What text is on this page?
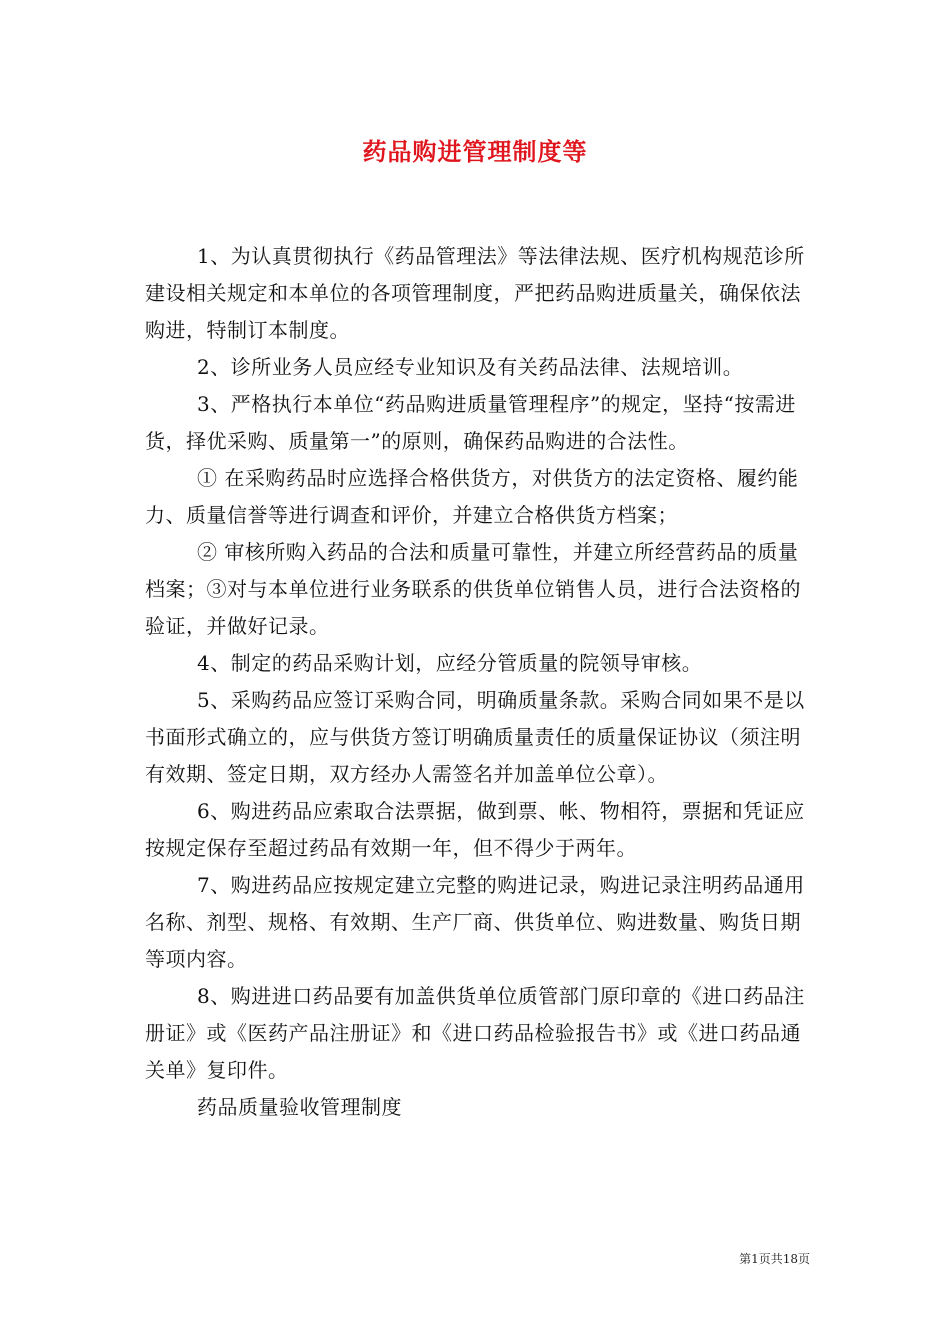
药品购进管理制度等

1、为认真贯彻执行《药品管理法》等法律法规、医疗机构规范诊所建设相关规定和本单位的各项管理制度，严把药品购进质量关，确保依法购进，特制订本制度。

2、诊所业务人员应经专业知识及有关药品法律、法规培训。

3、严格执行本单位“药品购进质量管理程序”的规定，坚持“按需进货，择优采购、质量第一”的原则，确保药品购进的合法性。

① 在采购药品时应选择合格供货方，对供货方的法定资格、履约能力、质量信誉等进行调查和评价，并建立合格供货方档案；

② 审核所购入药品的合法和质量可靠性，并建立所经营药品的质量档案；③对与本单位进行业务联系的供货单位销售人员，进行合法资格的验证，并做好记录。

4、制定的药品采购计划，应经分管质量的院领导审核。

5、采购药品应签订采购合同，明确质量条款。采购合同如果不是以书面形式确立的，应与供货方签订明确质量责任的质量保证协议（须注明有效期、签定日期，双方经办人需签名并加盖单位公章）。

6、购进药品应索取合法票据，做到票、帐、物相符，票据和凭证应按规定保存至超过药品有效期一年，但不得少于两年。

7、购进药品应按规定建立完整的购进记录，购进记录注明药品通用名称、剂型、规格、有效期、生产厂商、供货单位、购进数量、购货日期等项内容。

8、购进进口药品要有加盖供货单位质管部门原印章的《进口药品注册证》或《医药产品注册证》和《进口药品检验报告书》或《进口药品通关单》复印件。

药品质量验收管理制度

第1页共18页
